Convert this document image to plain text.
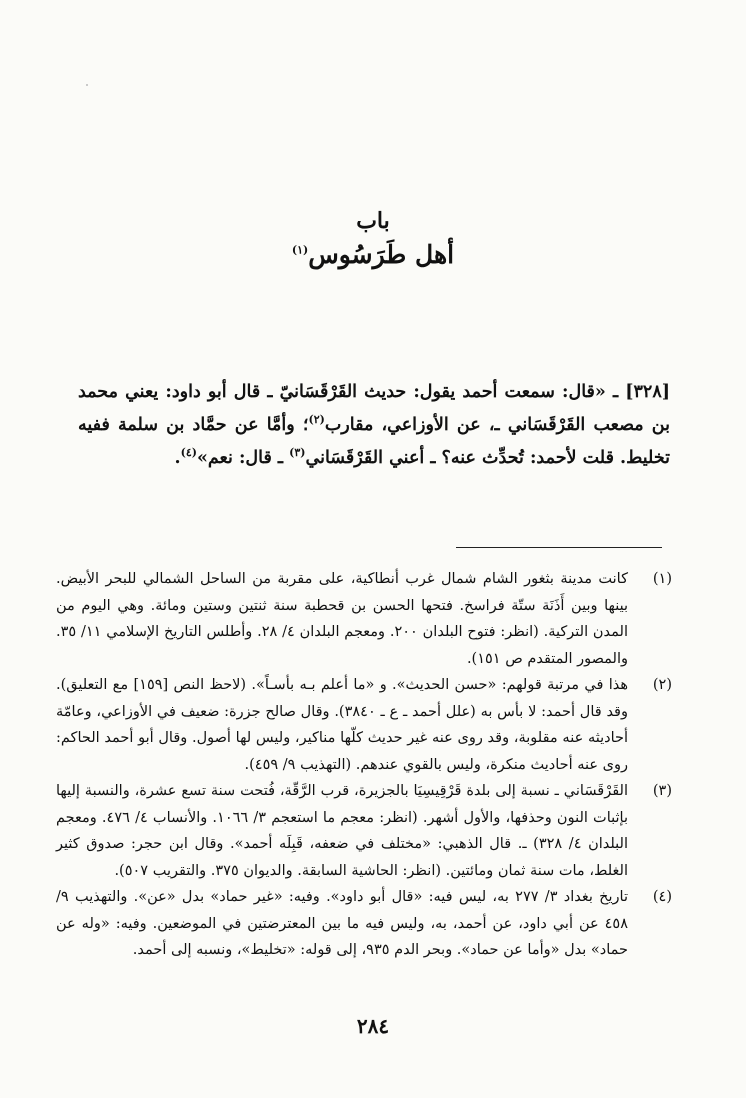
باب
أهل طَرَسُوس$^{(١)}$

[٣٢٨] ـ «قال: سمعت أحمد يقول: حديث القَرْقَسَانيّ ـ قال أبو داود: يعني محمد بن مصعب القَرْقَسَاني ـ، عن الأوزاعي، مقارب$^{(٢)}$؛ وأمَّا عن حمَّاد بن سلمة ففيه تخليط. قلت لأحمد: تُحدِّث عنه؟ ـ أعني القَرْقَسَاني$^{(٣)}$ ـ قال: نعم»$^{(٤)}$.

(١)
كانت مدينة بثغور الشام شمال غرب أنطاكية، على مقربة من الساحل الشمالي للبحر الأبيض. بينها وبين أَذَنَة ستّة فراسخ. فتحها الحسن بن قحطبة سنة ثنتين وستين ومائة. وهي اليوم من المدن التركية. (انظر: فتوح البلدان ٢٠٠. ومعجم البلدان ٤/ ٢٨. وأطلس التاريخ الإسلامي ١١/ ٣٥. والمصور المتقدم ص ١٥١).
(٢)
هذا في مرتبة قولهم: «حسن الحديث». و «ما أعلم بـه بأسـاً». (لاحظ النص [١٥٩] مع التعليق). وقد قال أحمد: لا بأس به (علل أحمد ـ ع ـ ٣٨٤٠). وقال صالح جزرة: ضعيف في الأوزاعي، وعامّة أحاديثه عنه مقلوبة، وقد روى عنه غير حديث كلّها مناكير، وليس لها أصول. وقال أبو أحمد الحاكم: روى عنه أحاديث منكرة، وليس بالقوي عندهم. (التهذيب ٩/ ٤٥٩).
(٣)
القَرْقَسَاني ـ نسبة إلى بلدة قَرْقِيسِيَا بالجزيرة، قرب الرَّقّة، فُتحت سنة تسع عشرة، والنسبة إليها بإثبات النون وحذفها، والأول أشهر. (انظر: معجم ما استعجم ٣/ ١٠٦٦. والأنساب ٤/ ٤٧٦. ومعجم البلدان ٤/ ٣٢٨) ـ. قال الذهبي: «مختلف في ضعفه، قَبِلَه أحمد». وقال ابن حجر: صدوق كثير الغلط، مات سنة ثمان ومائتين. (انظر: الحاشية السابقة. والديوان ٣٧٥. والتقريب ٥٠٧).
(٤)
تاريخ بغداد ٣/ ٢٧٧ به، ليس فيه: «قال أبو داود». وفيه: «غير حماد» بدل «عن». والتهذيب ٩/ ٤٥٨ عن أبي داود، عن أحمد، به، وليس فيه ما بين المعترضتين في الموضعين. وفيه: «وله عن حماد» بدل «وأما عن حماد». وبحر الدم ٩٣٥، إلى قوله: «تخليط»، ونسبه إلى أحمد.
٢٨٤
